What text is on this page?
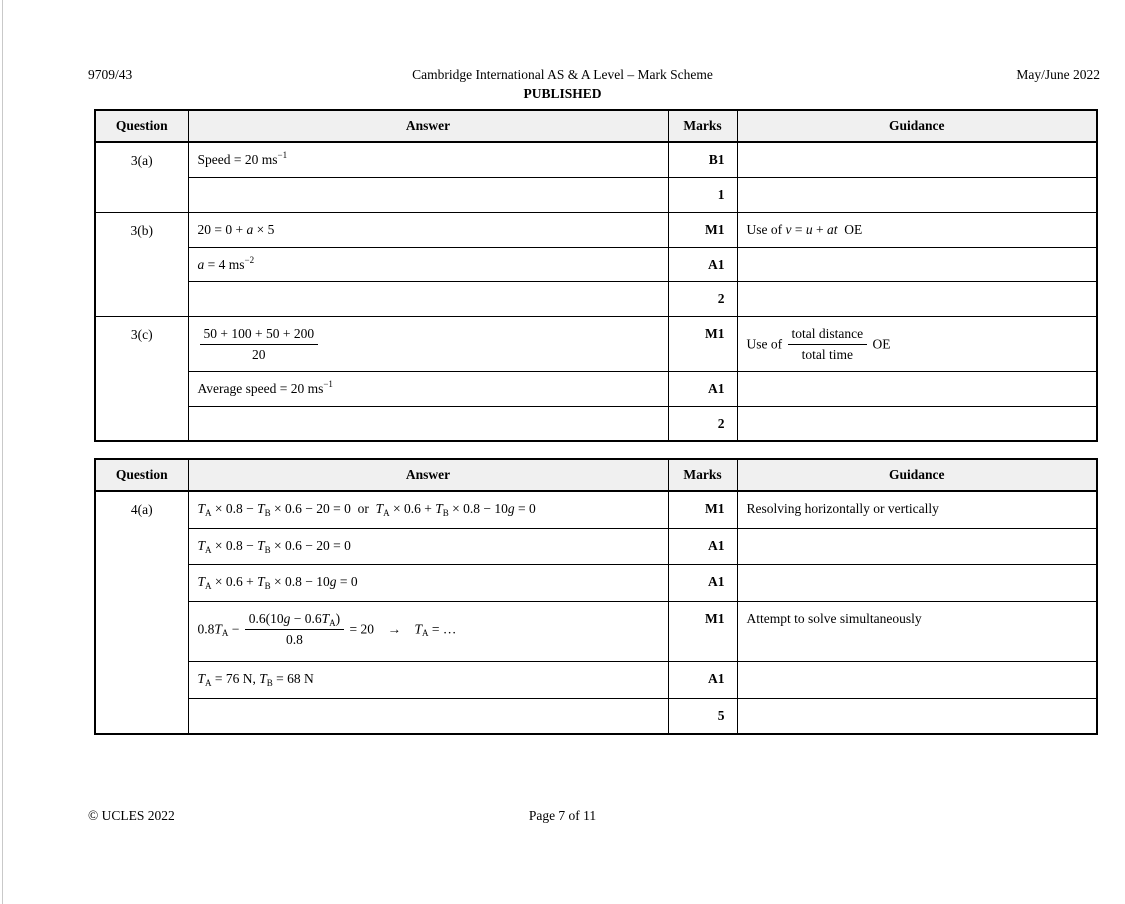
9709/43	Cambridge International AS & A Level – Mark Scheme
PUBLISHED
May/June 2022
Question	Answer	Marks	Guidance
3(a)	Speed = 20 $ms^{-1}$	B1	
		1	
3(b)	20 = 0 + a × 5	M1	Use of v = u + at OE
	a = 4 $ms^{-2}$	A1	
		2	
3(c)	$\frac{50 + 100 + 50 + 200}{20}$	M1	Use of $\frac{\text{total distance}}{\text{total time}}$ OE
	Average speed = 20 $ms^{-1}$	A1	
		2	
Question	Answer	Marks	Guidance
4(a)	$T_A \times 0.8 - T_B \times 0.6 - 20 = 0$ or $T_A \times 0.6 + T_B \times 0.8 - 10g = 0$	M1	Resolving horizontally or vertically
	$T_A \times 0.8 - T_B \times 0.6 - 20 = 0$	A1	
	$T_A \times 0.6 + T_B \times 0.8 - 10g = 0$	A1	
	$0.8T_A - \frac{0.6(10g - 0.6T_A)}{0.8} = 20$  →  $T_A$ = …	M1	Attempt to solve simultaneously
	$T_A = 76$ N, $T_B = 68$ N	A1	
		5	
© UCLES 2022	Page 7 of 11
